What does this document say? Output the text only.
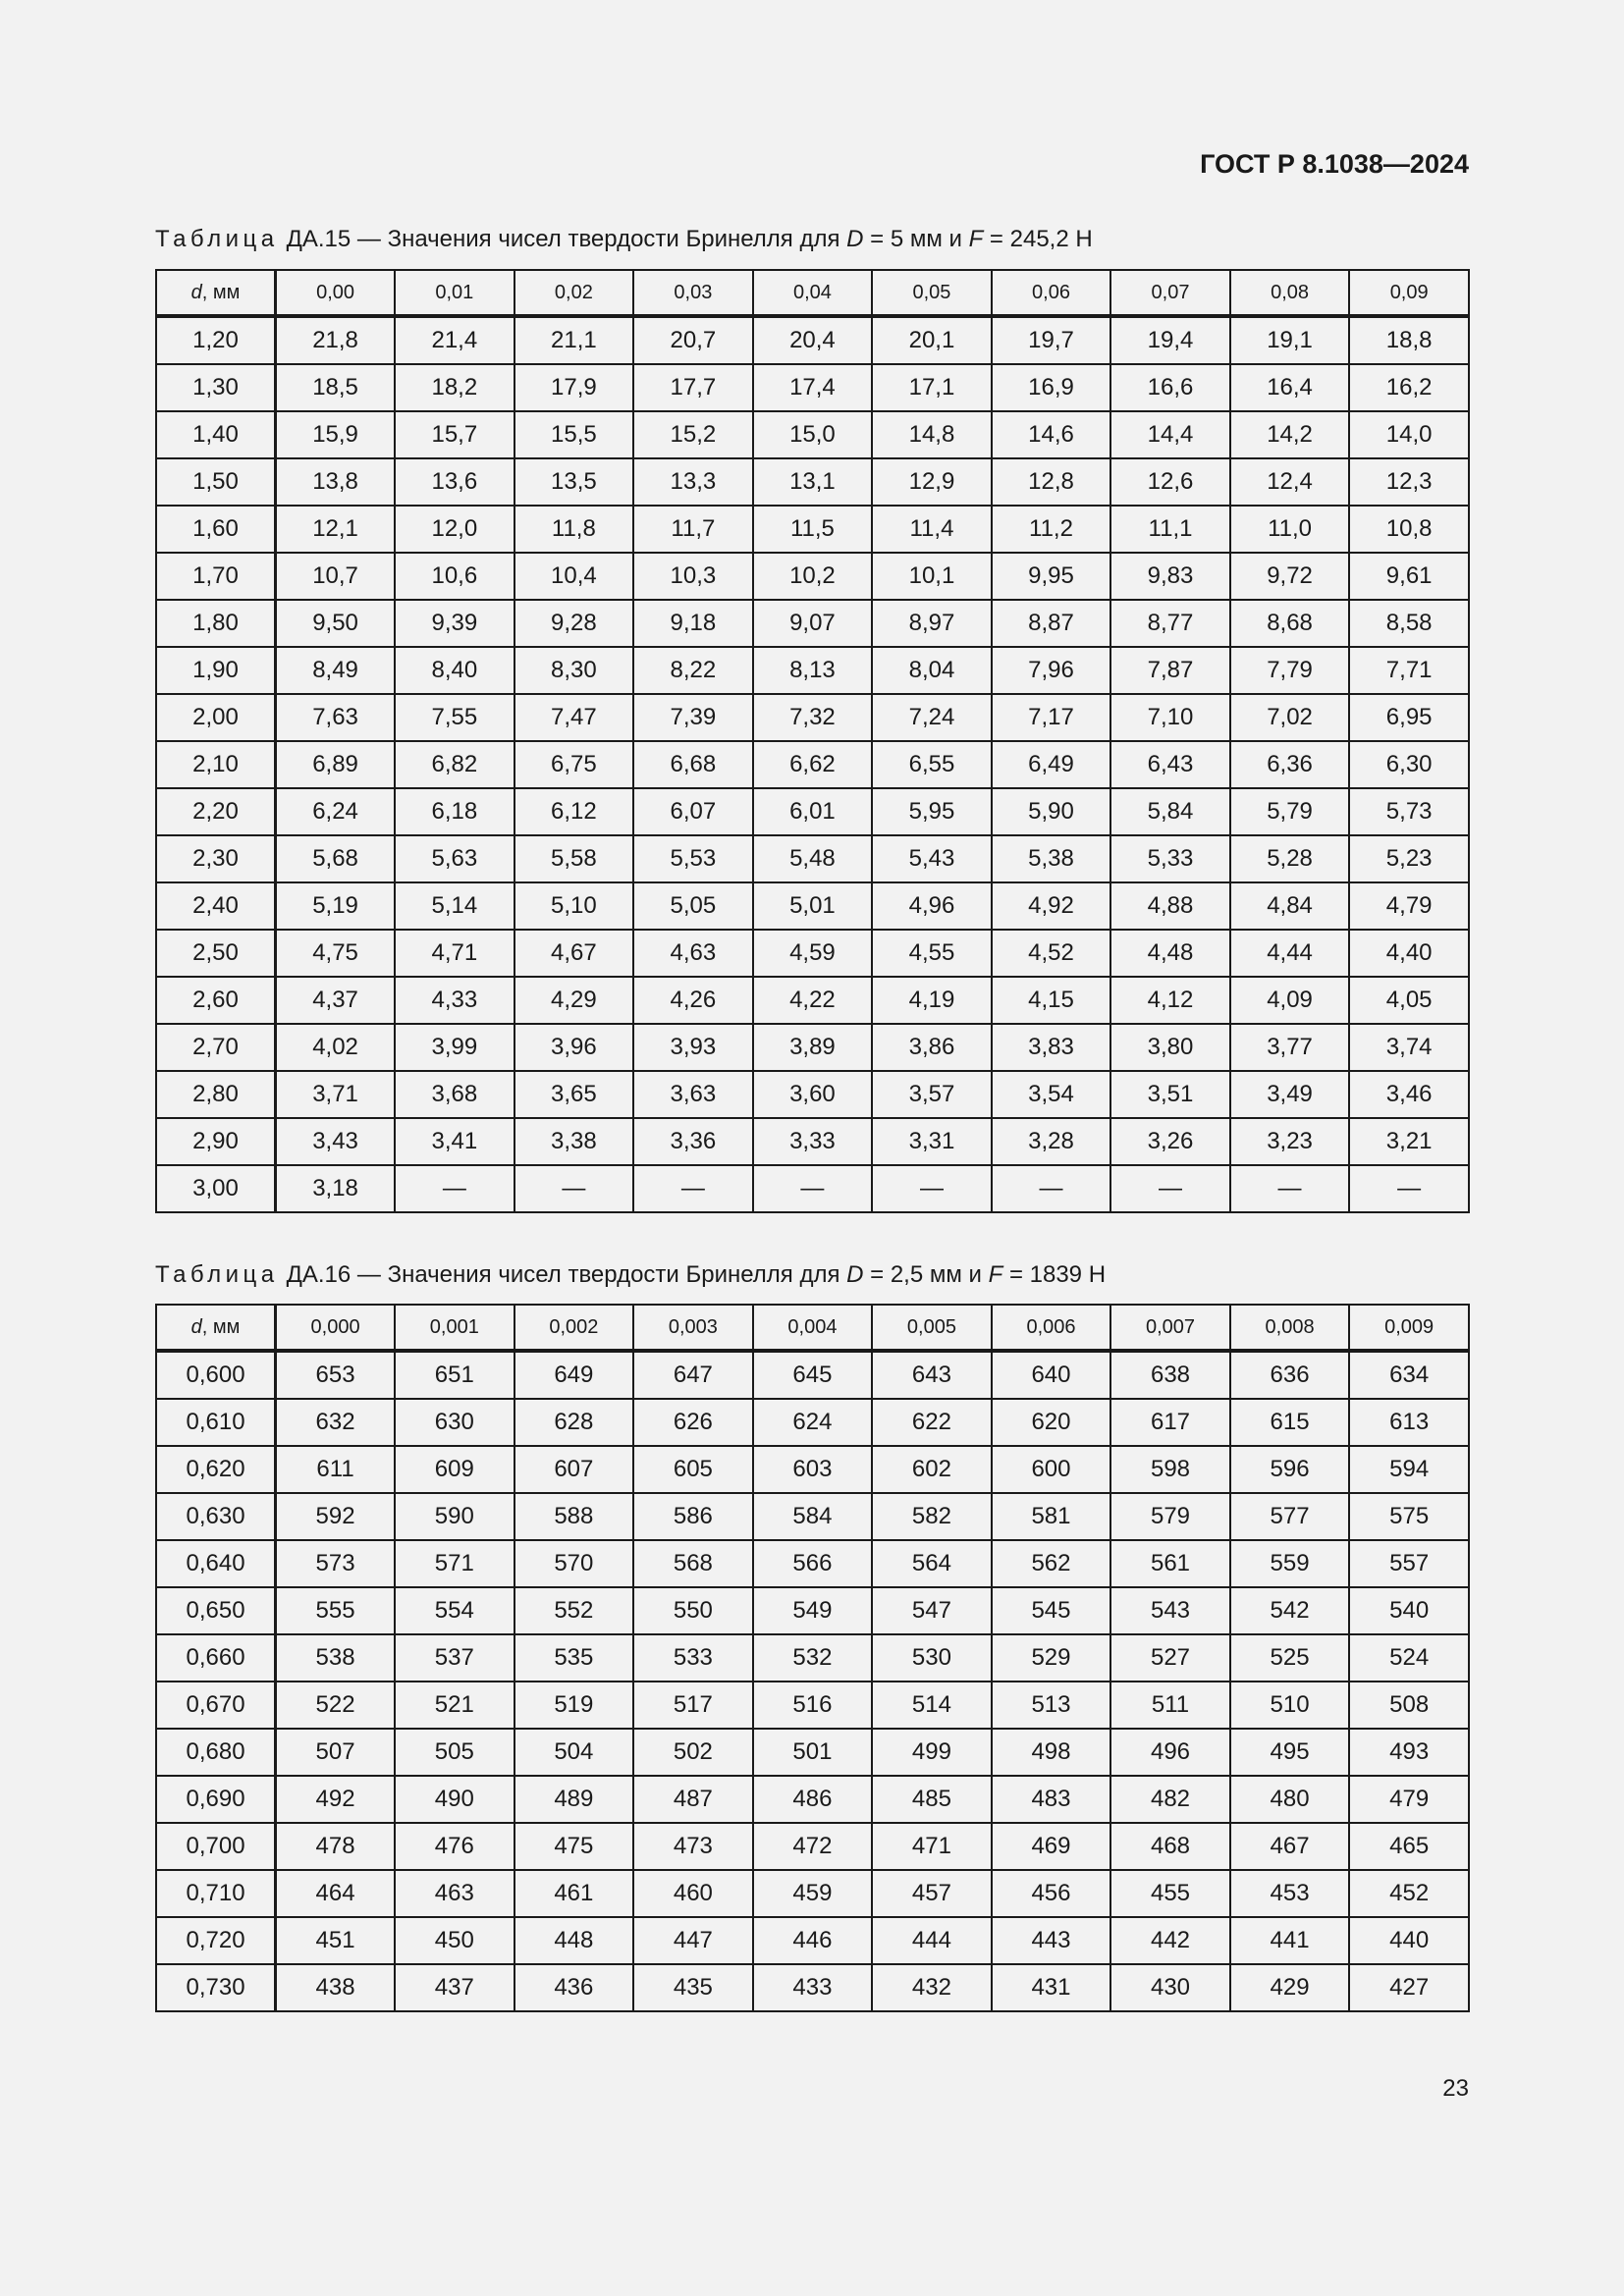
ГОСТ Р 8.1038—2024
Таблица ДА.15 — Значения чисел твердости Бринелля для D = 5 мм и F = 245,2 Н
d, мм	0,00	0,01	0,02	0,03	0,04	0,05	0,06	0,07	0,08	0,09
1,20	21,8	21,4	21,1	20,7	20,4	20,1	19,7	19,4	19,1	18,8
1,30	18,5	18,2	17,9	17,7	17,4	17,1	16,9	16,6	16,4	16,2
1,40	15,9	15,7	15,5	15,2	15,0	14,8	14,6	14,4	14,2	14,0
1,50	13,8	13,6	13,5	13,3	13,1	12,9	12,8	12,6	12,4	12,3
1,60	12,1	12,0	11,8	11,7	11,5	11,4	11,2	11,1	11,0	10,8
1,70	10,7	10,6	10,4	10,3	10,2	10,1	9,95	9,83	9,72	9,61
1,80	9,50	9,39	9,28	9,18	9,07	8,97	8,87	8,77	8,68	8,58
1,90	8,49	8,40	8,30	8,22	8,13	8,04	7,96	7,87	7,79	7,71
2,00	7,63	7,55	7,47	7,39	7,32	7,24	7,17	7,10	7,02	6,95
2,10	6,89	6,82	6,75	6,68	6,62	6,55	6,49	6,43	6,36	6,30
2,20	6,24	6,18	6,12	6,07	6,01	5,95	5,90	5,84	5,79	5,73
2,30	5,68	5,63	5,58	5,53	5,48	5,43	5,38	5,33	5,28	5,23
2,40	5,19	5,14	5,10	5,05	5,01	4,96	4,92	4,88	4,84	4,79
2,50	4,75	4,71	4,67	4,63	4,59	4,55	4,52	4,48	4,44	4,40
2,60	4,37	4,33	4,29	4,26	4,22	4,19	4,15	4,12	4,09	4,05
2,70	4,02	3,99	3,96	3,93	3,89	3,86	3,83	3,80	3,77	3,74
2,80	3,71	3,68	3,65	3,63	3,60	3,57	3,54	3,51	3,49	3,46
2,90	3,43	3,41	3,38	3,36	3,33	3,31	3,28	3,26	3,23	3,21
3,00	3,18	—	—	—	—	—	—	—	—	—
Таблица ДА.16 — Значения чисел твердости Бринелля для D = 2,5 мм и F = 1839 Н
d, мм	0,000	0,001	0,002	0,003	0,004	0,005	0,006	0,007	0,008	0,009
0,600	653	651	649	647	645	643	640	638	636	634
0,610	632	630	628	626	624	622	620	617	615	613
0,620	611	609	607	605	603	602	600	598	596	594
0,630	592	590	588	586	584	582	581	579	577	575
0,640	573	571	570	568	566	564	562	561	559	557
0,650	555	554	552	550	549	547	545	543	542	540
0,660	538	537	535	533	532	530	529	527	525	524
0,670	522	521	519	517	516	514	513	511	510	508
0,680	507	505	504	502	501	499	498	496	495	493
0,690	492	490	489	487	486	485	483	482	480	479
0,700	478	476	475	473	472	471	469	468	467	465
0,710	464	463	461	460	459	457	456	455	453	452
0,720	451	450	448	447	446	444	443	442	441	440
0,730	438	437	436	435	433	432	431	430	429	427
23
